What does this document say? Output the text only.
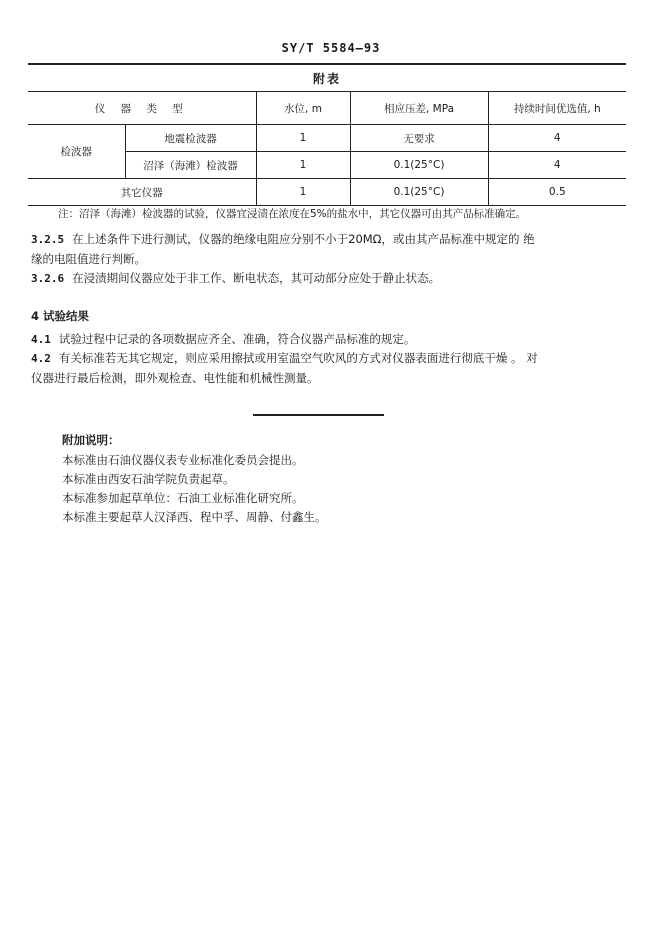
SY/T 5584—93
附表				
仪 器 类 型		水位, m	相应压差, MPa	持续时间优选值, h
检波器	地震检波器	1	无要求	4
	沼泽（海滩）检波器	1	0.1(25°C)	4
其它仪器		1	0.1(25°C)	0.5
注：沼泽（海滩）检波器的试验，仪器宜浸渍在浓度在5%的盐水中，其它仪器可由其产品标准确定。
3.2.5 在上述条件下进行测试，仪器的绝缘电阻应分别不小于20MΩ，或由其产品标准中规定的 绝
缘的电阻值进行判断。
3.2.6 在浸渍期间仪器应处于非工作、断电状态，其可动部分应处于静止状态。
4 试验结果
4.1 试验过程中记录的各项数据应齐全、准确，符合仪器产品标准的规定。
4.2 有关标准若无其它规定，则应采用擦拭或用室温空气吹风的方式对仪器表面进行彻底干燥 。 对
仪器进行最后检测，即外观检查、电性能和机械性测量。
附加说明：
本标准由石油仪器仪表专业标准化委员会提出。
本标准由西安石油学院负责起草。
本标准参加起草单位：石油工业标准化研究所。
本标准主要起草人汉泽西、程中孚、周静、付鑫生。
